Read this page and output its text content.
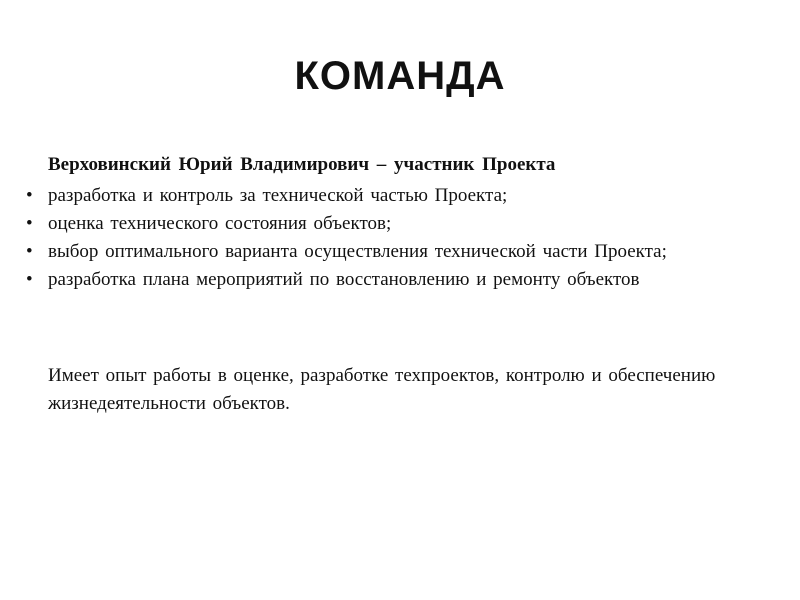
КОМАНДА
Верховинский Юрий Владимирович – участник Проекта
• разработка и контроль за технической частью Проекта;
• оценка технического состояния объектов;
• выбор оптимального варианта осуществления технической части Проекта;
• разработка плана мероприятий по восстановлению и ремонту объектов
Имеет опыт работы в оценке, разработке техпроектов, контролю и обеспечению жизнедеятельности объектов.
